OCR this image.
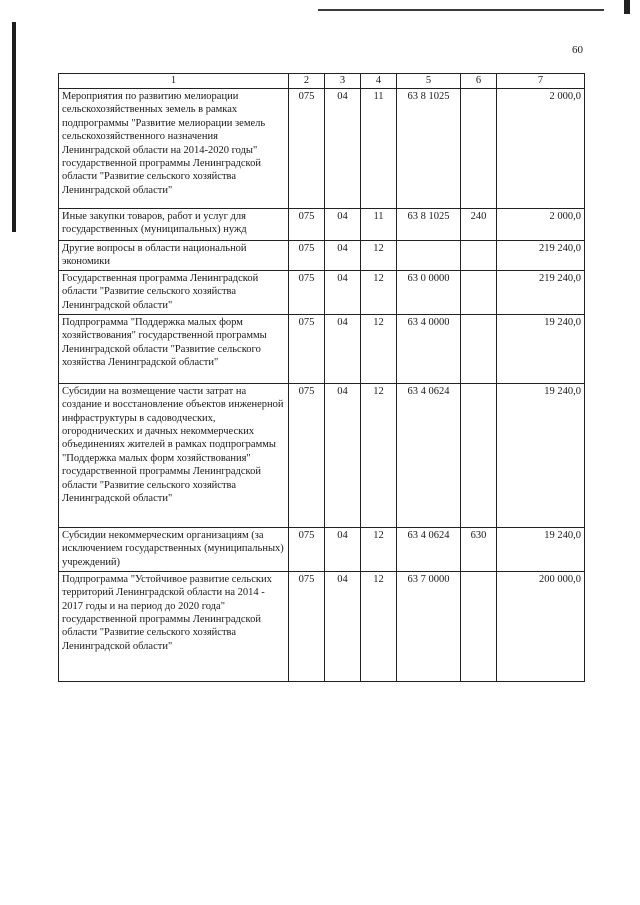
60
1	2	3	4	5	6	7
Мероприятия по развитию мелиорации сельскохозяйственных земель в рамках подпрограммы "Развитие мелиорации земель сельскохозяйственного назначения Ленинградской области на 2014-2020 годы" государственной программы Ленинградской области "Развитие сельского хозяйства Ленинградской области"	075	04	11	63 8 1025		2 000,0
Иные закупки товаров, работ и услуг для государственных (муниципальных) нужд	075	04	11	63 8 1025	240	2 000,0
Другие вопросы в области национальной экономики	075	04	12			219 240,0
Государственная программа Ленинградской области "Развитие сельского хозяйства Ленинградской области"	075	04	12	63 0 0000		219 240,0
Подпрограмма "Поддержка малых форм хозяйствования" государственной программы Ленинградской области "Развитие сельского хозяйства Ленинградской области"	075	04	12	63 4 0000		19 240,0
Субсидии на возмещение части затрат на создание и восстановление объектов инженерной инфраструктуры в садоводческих, огороднических и дачных некоммерческих объединениях жителей в рамках подпрограммы "Поддержка малых форм хозяйствования" государственной программы Ленинградской области "Развитие сельского хозяйства Ленинградской области"	075	04	12	63 4 0624		19 240,0
Субсидии некоммерческим организациям (за исключением государственных (муниципальных) учреждений)	075	04	12	63 4 0624	630	19 240,0
Подпрограмма "Устойчивое развитие сельских территорий Ленинградской области на 2014 - 2017 годы и на период до 2020 года" государственной программы Ленинградской области "Развитие сельского хозяйства Ленинградской области"	075	04	12	63 7 0000		200 000,0
